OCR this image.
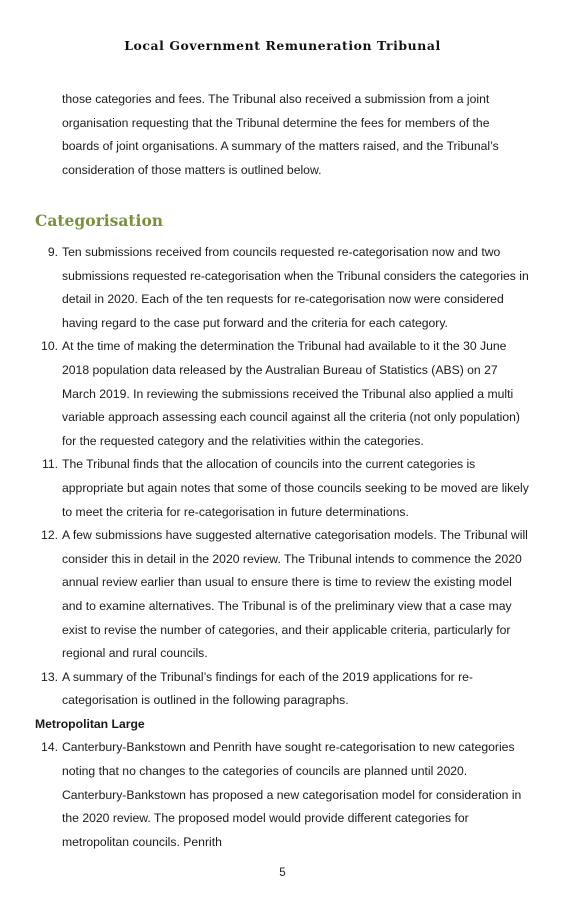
Local Government Remuneration Tribunal
those categories and fees. The Tribunal also received a submission from a joint organisation requesting that the Tribunal determine the fees for members of the boards of joint organisations. A summary of the matters raised, and the Tribunal’s consideration of those matters is outlined below.
Categorisation
9. Ten submissions received from councils requested re-categorisation now and two submissions requested re-categorisation when the Tribunal considers the categories in detail in 2020. Each of the ten requests for re-categorisation now were considered having regard to the case put forward and the criteria for each category.
10. At the time of making the determination the Tribunal had available to it the 30 June 2018 population data released by the Australian Bureau of Statistics (ABS) on 27 March 2019. In reviewing the submissions received the Tribunal also applied a multi variable approach assessing each council against all the criteria (not only population) for the requested category and the relativities within the categories.
11. The Tribunal finds that the allocation of councils into the current categories is appropriate but again notes that some of those councils seeking to be moved are likely to meet the criteria for re-categorisation in future determinations.
12. A few submissions have suggested alternative categorisation models. The Tribunal will consider this in detail in the 2020 review. The Tribunal intends to commence the 2020 annual review earlier than usual to ensure there is time to review the existing model and to examine alternatives. The Tribunal is of the preliminary view that a case may exist to revise the number of categories, and their applicable criteria, particularly for regional and rural councils.
13. A summary of the Tribunal’s findings for each of the 2019 applications for re-categorisation is outlined in the following paragraphs.
Metropolitan Large
14. Canterbury-Bankstown and Penrith have sought re-categorisation to new categories noting that no changes to the categories of councils are planned until 2020. Canterbury-Bankstown has proposed a new categorisation model for consideration in the 2020 review. The proposed model would provide different categories for metropolitan councils. Penrith
5
